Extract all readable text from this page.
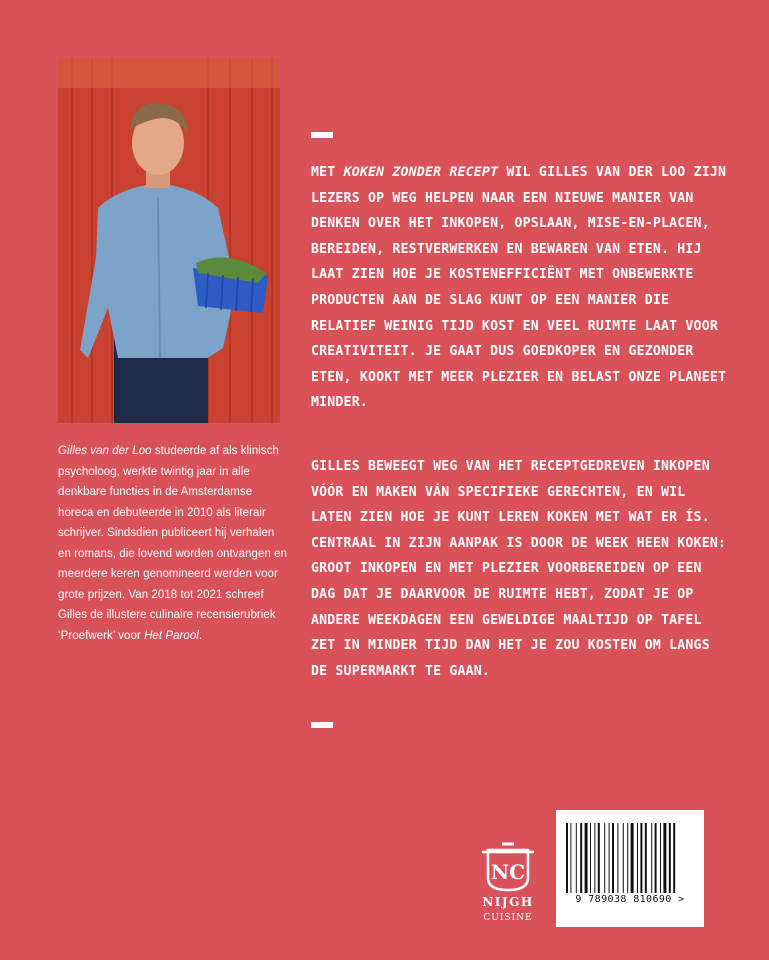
Gilles van der Loo studeerde af als klinisch psycholoog, werkte twintig jaar in alle denkbare functies in de Amsterdamse horeca en debuteerde in 2010 als literair schrijver. Sindsdien publiceert hij verhalen en romans, die lovend worden ontvangen en meerdere keren genomineerd werden voor grote prijzen. Van 2018 tot 2021 schreef Gilles de illustere culinaire recensierubriek ‘Proefwerk’ voor Het Parool.
MET KOKEN ZONDER RECEPT WIL GILLES VAN DER LOO ZIJN LEZERS OP WEG HELPEN NAAR EEN NIEUWE MANIER VAN DENKEN OVER HET INKOPEN, OPSLAAN, MISE-EN-PLACEN, BEREIDEN, RESTVERWERKEN EN BEWAREN VAN ETEN. HIJ LAAT ZIEN HOE JE KOSTENEFFICIËNT MET ONBEWERKTE PRODUCTEN AAN DE SLAG KUNT OP EEN MANIER DIE RELATIEF WEINIG TIJD KOST EN VEEL RUIMTE LAAT VOOR CREATIVITEIT. JE GAAT DUS GOEDKOPER EN GEZONDER ETEN, KOOKT MET MEER PLEZIER EN BELAST ONZE PLANEET MINDER.
GILLES BEWEEGT WEG VAN HET RECEPTGEDREVEN INKOPEN VÓÓR EN MAKEN VÁN SPECIFIEKE GERECHTEN, EN WIL LATEN ZIEN HOE JE KUNT LEREN KOKEN MET WAT ER ÍS. CENTRAAL IN ZIJN AANPAK IS DOOR DE WEEK HEEN KOKEN: GROOT INKOPEN EN MET PLEZIER VOORBEREIDEN OP EEN DAG DAT JE DAARVOOR DE RUIMTE HEBT, ZODAT JE OP ANDERE WEEKDAGEN EEN GEWELDIGE MAALTIJD OP TAFEL ZET IN MINDER TIJD DAN HET JE ZOU KOSTEN OM LANGS DE SUPERMARKT TE GAAN.
NC
NIJGH
CUISINE
9 789038 810690 >
